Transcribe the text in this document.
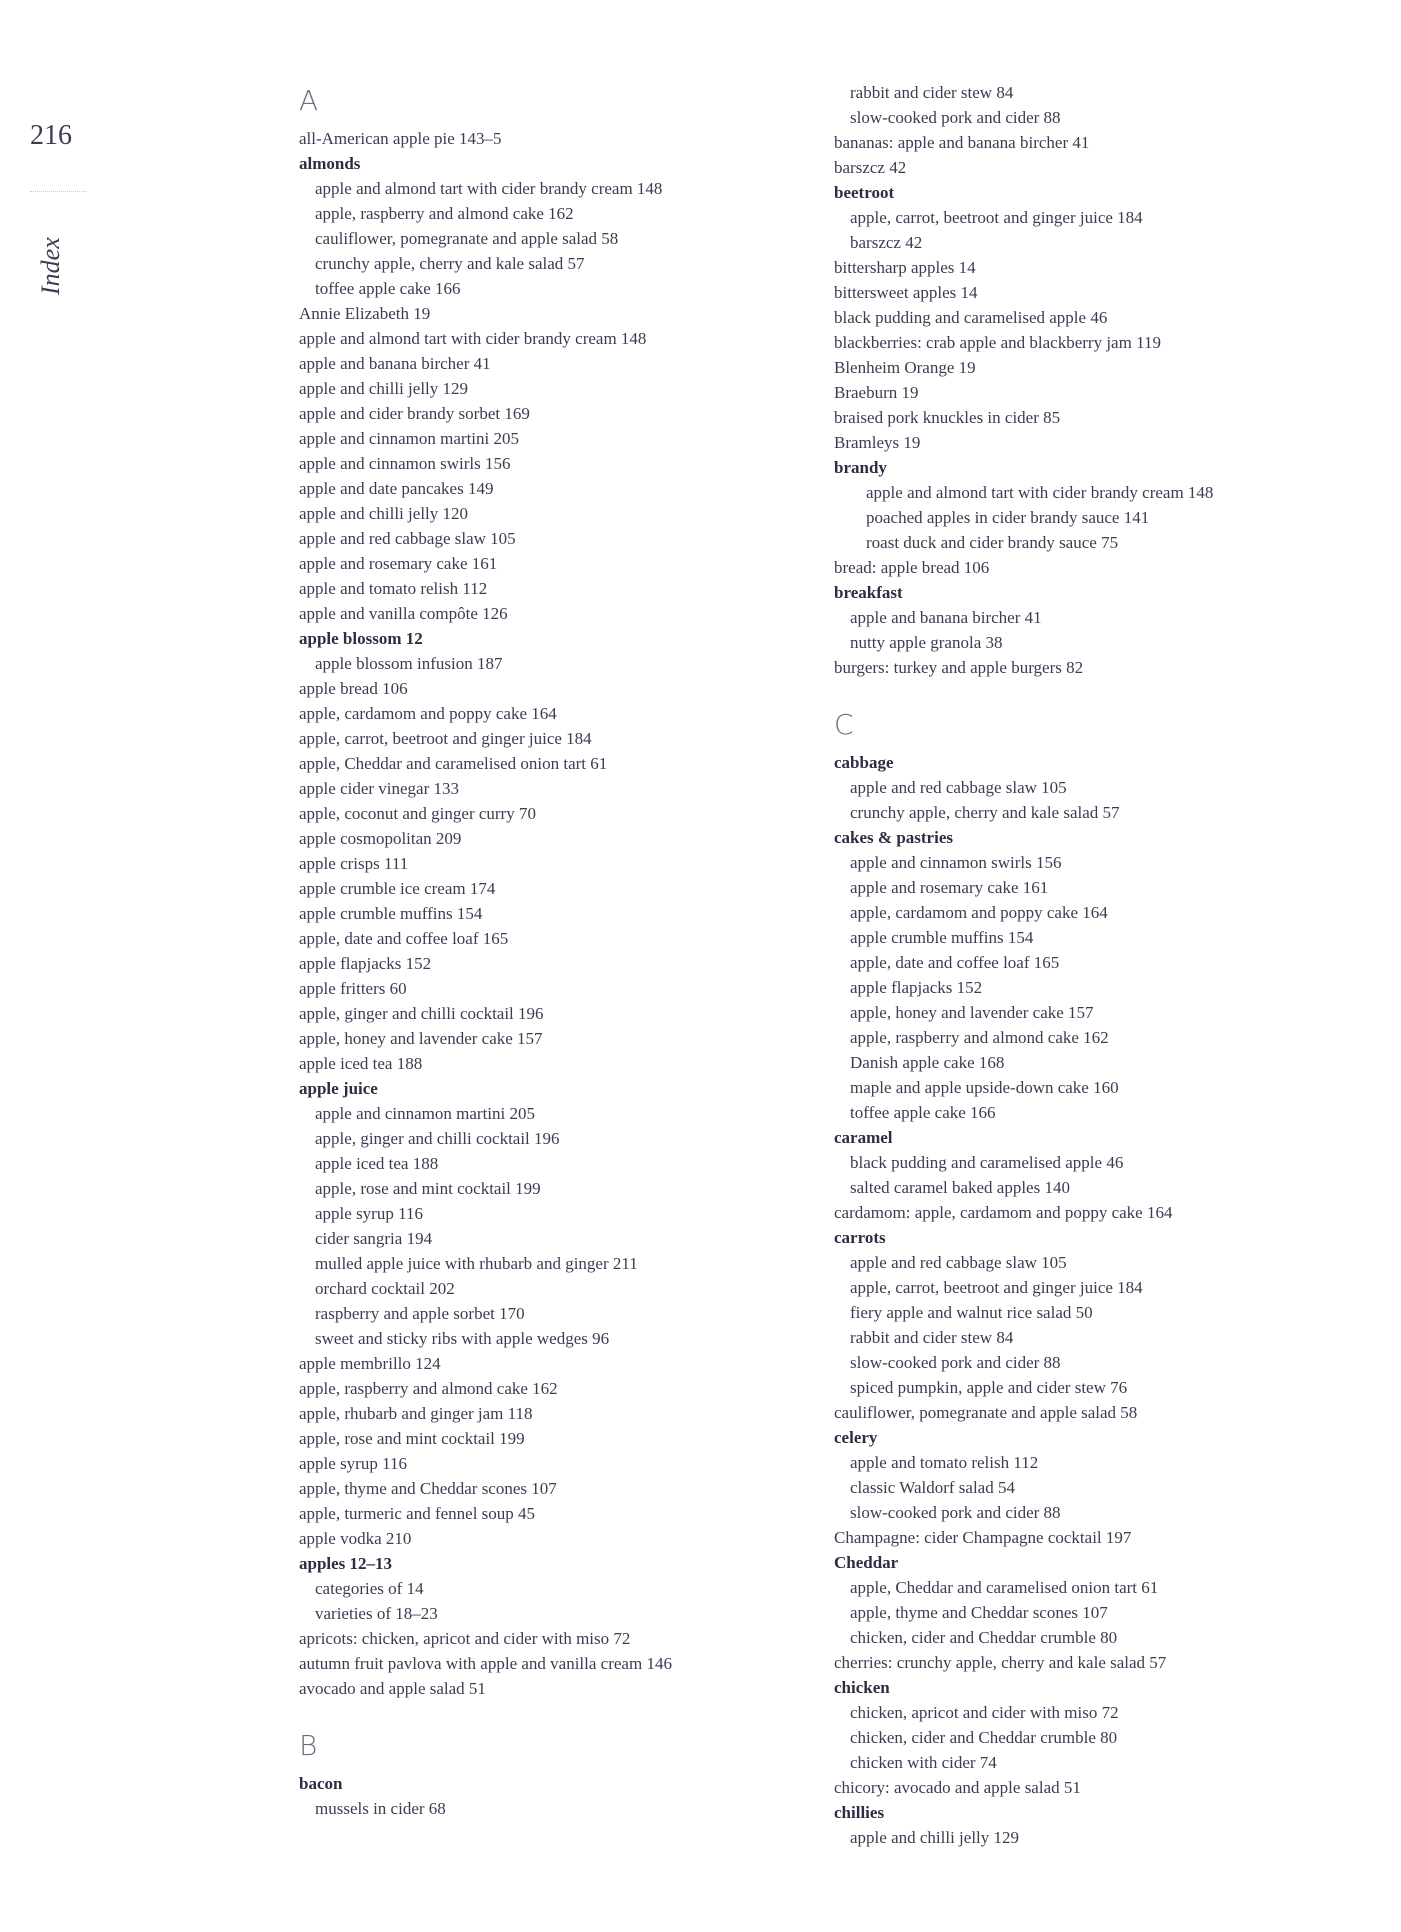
216
Index
A
all-American apple pie 143–5
almonds
apple and almond tart with cider brandy cream 148
apple, raspberry and almond cake 162
cauliflower, pomegranate and apple salad 58
crunchy apple, cherry and kale salad 57
toffee apple cake 166
Annie Elizabeth 19
apple and almond tart with cider brandy cream 148
apple and banana bircher 41
apple and chilli jelly 129
apple and cider brandy sorbet 169
apple and cinnamon martini 205
apple and cinnamon swirls 156
apple and date pancakes 149
apple and chilli jelly 120
apple and red cabbage slaw 105
apple and rosemary cake 161
apple and tomato relish 112
apple and vanilla compôte 126
apple blossom 12
apple blossom infusion 187
apple bread 106
apple, cardamom and poppy cake 164
apple, carrot, beetroot and ginger juice 184
apple, Cheddar and caramelised onion tart 61
apple cider vinegar 133
apple, coconut and ginger curry 70
apple cosmopolitan 209
apple crisps 111
apple crumble ice cream 174
apple crumble muffins 154
apple, date and coffee loaf 165
apple flapjacks 152
apple fritters 60
apple, ginger and chilli cocktail 196
apple, honey and lavender cake 157
apple iced tea 188
apple juice
apple and cinnamon martini 205
apple, ginger and chilli cocktail 196
apple iced tea 188
apple, rose and mint cocktail 199
apple syrup 116
cider sangria 194
mulled apple juice with rhubarb and ginger 211
orchard cocktail 202
raspberry and apple sorbet 170
sweet and sticky ribs with apple wedges 96
apple membrillo 124
apple, raspberry and almond cake 162
apple, rhubarb and ginger jam 118
apple, rose and mint cocktail 199
apple syrup 116
apple, thyme and Cheddar scones 107
apple, turmeric and fennel soup 45
apple vodka 210
apples 12–13
categories of 14
varieties of 18–23
apricots: chicken, apricot and cider with miso 72
autumn fruit pavlova with apple and vanilla cream 146
avocado and apple salad 51
B
bacon
mussels in cider 68
rabbit and cider stew 84
slow-cooked pork and cider 88
bananas: apple and banana bircher 41
barszcz 42
beetroot
apple, carrot, beetroot and ginger juice 184
barszcz 42
bittersharp apples 14
bittersweet apples 14
black pudding and caramelised apple 46
blackberries: crab apple and blackberry jam 119
Blenheim Orange 19
Braeburn 19
braised pork knuckles in cider 85
Bramleys 19
brandy
apple and almond tart with cider brandy cream 148
poached apples in cider brandy sauce 141
roast duck and cider brandy sauce 75
bread: apple bread 106
breakfast
apple and banana bircher 41
nutty apple granola 38
burgers: turkey and apple burgers 82
C
cabbage
apple and red cabbage slaw 105
crunchy apple, cherry and kale salad 57
cakes & pastries
apple and cinnamon swirls 156
apple and rosemary cake 161
apple, cardamom and poppy cake 164
apple crumble muffins 154
apple, date and coffee loaf 165
apple flapjacks 152
apple, honey and lavender cake 157
apple, raspberry and almond cake 162
Danish apple cake 168
maple and apple upside-down cake 160
toffee apple cake 166
caramel
black pudding and caramelised apple 46
salted caramel baked apples 140
cardamom: apple, cardamom and poppy cake 164
carrots
apple and red cabbage slaw 105
apple, carrot, beetroot and ginger juice 184
fiery apple and walnut rice salad 50
rabbit and cider stew 84
slow-cooked pork and cider 88
spiced pumpkin, apple and cider stew 76
cauliflower, pomegranate and apple salad 58
celery
apple and tomato relish 112
classic Waldorf salad 54
slow-cooked pork and cider 88
Champagne: cider Champagne cocktail 197
Cheddar
apple, Cheddar and caramelised onion tart 61
apple, thyme and Cheddar scones 107
chicken, cider and Cheddar crumble 80
cherries: crunchy apple, cherry and kale salad 57
chicken
chicken, apricot and cider with miso 72
chicken, cider and Cheddar crumble 80
chicken with cider 74
chicory: avocado and apple salad 51
chillies
apple and chilli jelly 129
